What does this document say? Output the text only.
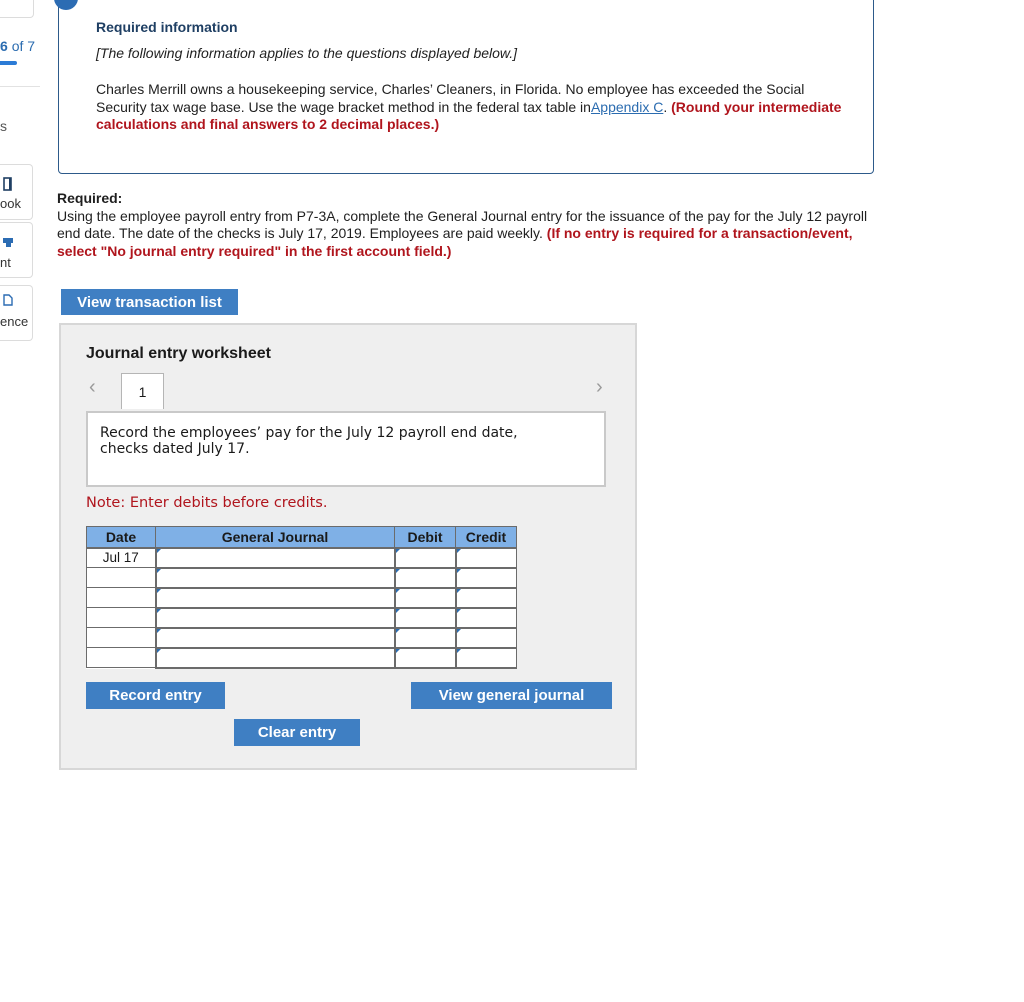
6 of 7
s
ook
nt
ence
Required information
[The following information applies to the questions displayed below.]
Charles Merrill owns a housekeeping service, Charles’ Cleaners, in Florida. No employee has exceeded the Social Security tax wage base. Use the wage bracket method in the federal tax table inAppendix C. (Round your intermediate calculations and final answers to 2 decimal places.)
Required:
Using the employee payroll entry from P7-3A, complete the General Journal entry for the issuance of the pay for the July 12 payroll end date. The date of the checks is July 17, 2019. Employees are paid weekly. (If no entry is required for a transaction/event, select "No journal entry required" in the first account field.)
View transaction list
Journal entry worksheet
‹	1	›
Record the employees’ pay for the July 12 payroll end date, checks dated July 17.
Note: Enter debits before credits.
Date	General Journal	Debit	Credit
Jul 17			

Record entry	View general journal
Clear entry
